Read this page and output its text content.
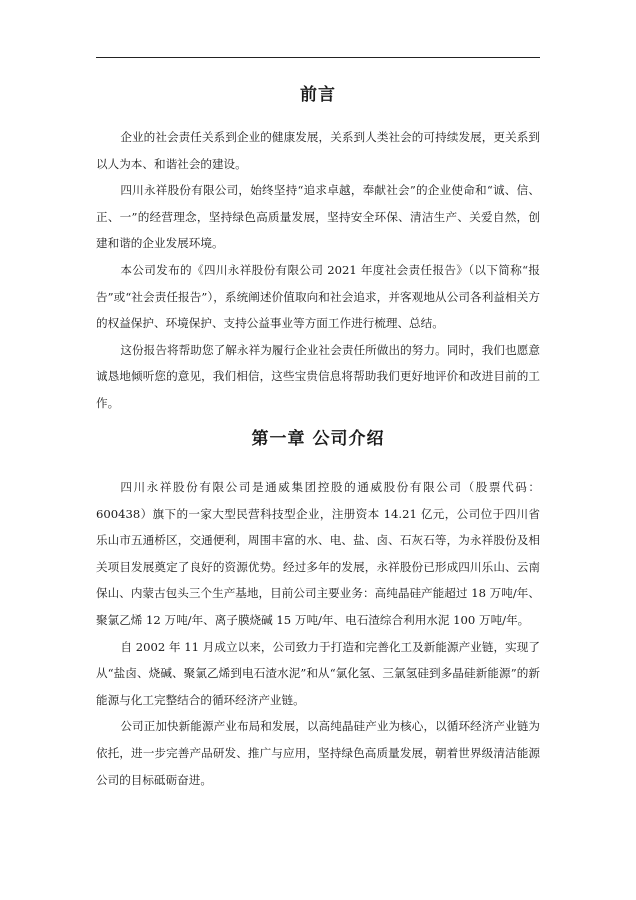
前言

企业的社会责任关系到企业的健康发展，关系到人类社会的可持续发展，更关系到以人为本、和谐社会的建设。

四川永祥股份有限公司，始终坚持“追求卓越，奉献社会”的企业使命和“诚、信、正、一”的经营理念，坚持绿色高质量发展，坚持安全环保、清洁生产、关爱自然，创建和谐的企业发展环境。

本公司发布的《四川永祥股份有限公司 2021 年度社会责任报告》（以下简称“报告”或“社会责任报告”），系统阐述价值取向和社会追求，并客观地从公司各利益相关方的权益保护、环境保护、支持公益事业等方面工作进行梳理、总结。

这份报告将帮助您了解永祥为履行企业社会责任所做出的努力。同时，我们也愿意诚恳地倾听您的意见，我们相信，这些宝贵信息将帮助我们更好地评价和改进目前的工作。

第一章 公司介绍

四川永祥股份有限公司是通威集团控股的通威股份有限公司（股票代码：600438）旗下的一家大型民营科技型企业，注册资本 14.21 亿元，公司位于四川省乐山市五通桥区，交通便利，周围丰富的水、电、盐、卤、石灰石等，为永祥股份及相关项目发展奠定了良好的资源优势。经过多年的发展，永祥股份已形成四川乐山、云南保山、内蒙古包头三个生产基地，目前公司主要业务：高纯晶硅产能超过 18 万吨/年、聚氯乙烯 12 万吨/年、离子膜烧碱 15 万吨/年、电石渣综合利用水泥 100 万吨/年。

自 2002 年 11 月成立以来，公司致力于打造和完善化工及新能源产业链，实现了从“盐卤、烧碱、聚氯乙烯到电石渣水泥”和从“氯化氢、三氯氢硅到多晶硅新能源”的新能源与化工完整结合的循环经济产业链。

公司正加快新能源产业布局和发展，以高纯晶硅产业为核心，以循环经济产业链为依托，进一步完善产品研发、推广与应用，坚持绿色高质量发展，朝着世界级清洁能源公司的目标砥砺奋进。
